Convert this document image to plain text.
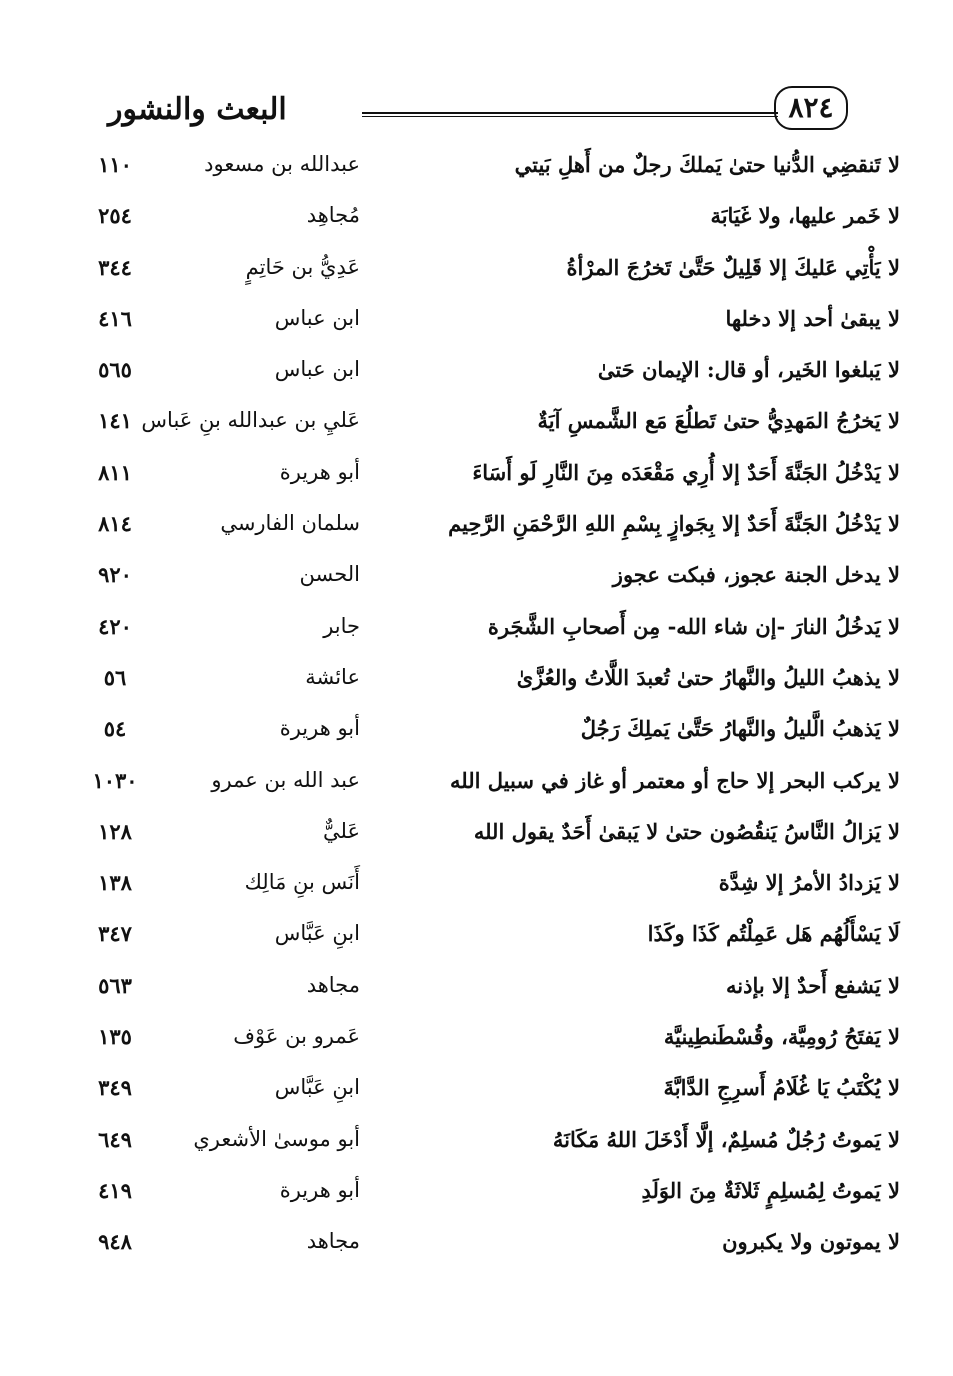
البعث والنشور	٨٢٤
لا تَنقضِي الدُّنيا حتىٰ يَملكَ رجلٌ من أَهلِ بَيتي
عبدالله بن مسعود
١١٠
لا خَمر عليها، ولا غَيَابَة
مُجاهِد
٢٥٤
لا يَأْتِي عَليكَ إلا قَلِيلٌ حَتَّىٰ تَخرُجَ المرْأةُ
عَدِيُّ بن حَاتِمٍ
٣٤٤
لا يبقىٰ أحد إلا دخلها
ابن عباس
٤١٦
لا يَبلغوا الخَير، أو قال: الإيمان حَتىٰ
ابن عباس
٥٦٥
لا يَخرُجُ المَهدِيُّ حتىٰ تَطلُعَ مَع الشَّمسِ آيَةٌ
عَليِ بن عبدالله بنِ عَباس
١٤١
لا يَدْخُلُ الجَنَّةَ أَحَدٌ إلا أُرِي مَقْعَدَه مِنَ النَّارِ لَو أَسَاءَ
أبو هريرة
٨١١
لا يَدْخُلُ الجَنَّةَ أَحَدٌ إلا بِجَوازٍ بِسْمِ اللهِ الرَّحْمَنِ الرَّحِيم
سلمان الفارسي
٨١٤
لا يدخل الجنة عجوز، فبكت عجوز
الحسن
٩٢٠
لا يَدخُلُ النارَ -إن شاء الله- مِن أَصحابِ الشَّجَرة
جابر
٤٢٠
لا يذهبُ الليلُ والنَّهارُ حتىٰ تُعبدَ اللَّاتُ والعُزَّىٰ
عائشة
٥٦
لا يَذهبُ الَّليلُ والنَّهارُ حَتَّىٰ يَملِكَ رَجُلٌ
أبو هريرة
٥٤
لا يركب البحر إلا حاج أو معتمر أو غاز في سبيل الله
عبد الله بن عمرو
١٠٣٠
لا يَزالُ النَّاسُ يَنقُصُون حتىٰ لا يَبقىٰ أَحَدٌ يقول الله
عَليٌّ
١٢٨
لا يَزدادُ الأمرُ إلا شِدَّة
أَنَس بنِ مَالِك
١٣٨
لَا يَسْأَلُهُم هَل عَمِلْتُم كَذَا وكَذَا
ابنِ عَبَّاس
٣٤٧
لا يَشفع أَحدٌ إلا بإذنه
مجاهد
٥٦٣
لا يَفتَحُ رُومِيَّة، وقُسْطَنطِينيَّة
عَمرو بن عَوْف
١٣٥
لا يُكْتَبُ يَا غُلَامُ أَسرِجِ الدَّابَّةَ
ابنِ عَبَّاس
٣٤٩
لا يَموتُ رُجُلٌ مُسلِمٌ، إلَّا أَدْخَلَ اللهُ مَكَانَهُ
أبو موسىٰ الأشعري
٦٤٩
لا يَموتُ لِمُسلِمٍ ثَلاثَةٌ مِنَ الوَلَدِ
أبو هريرة
٤١٩
لا يموتون ولا يكبرون
مجاهد
٩٤٨
